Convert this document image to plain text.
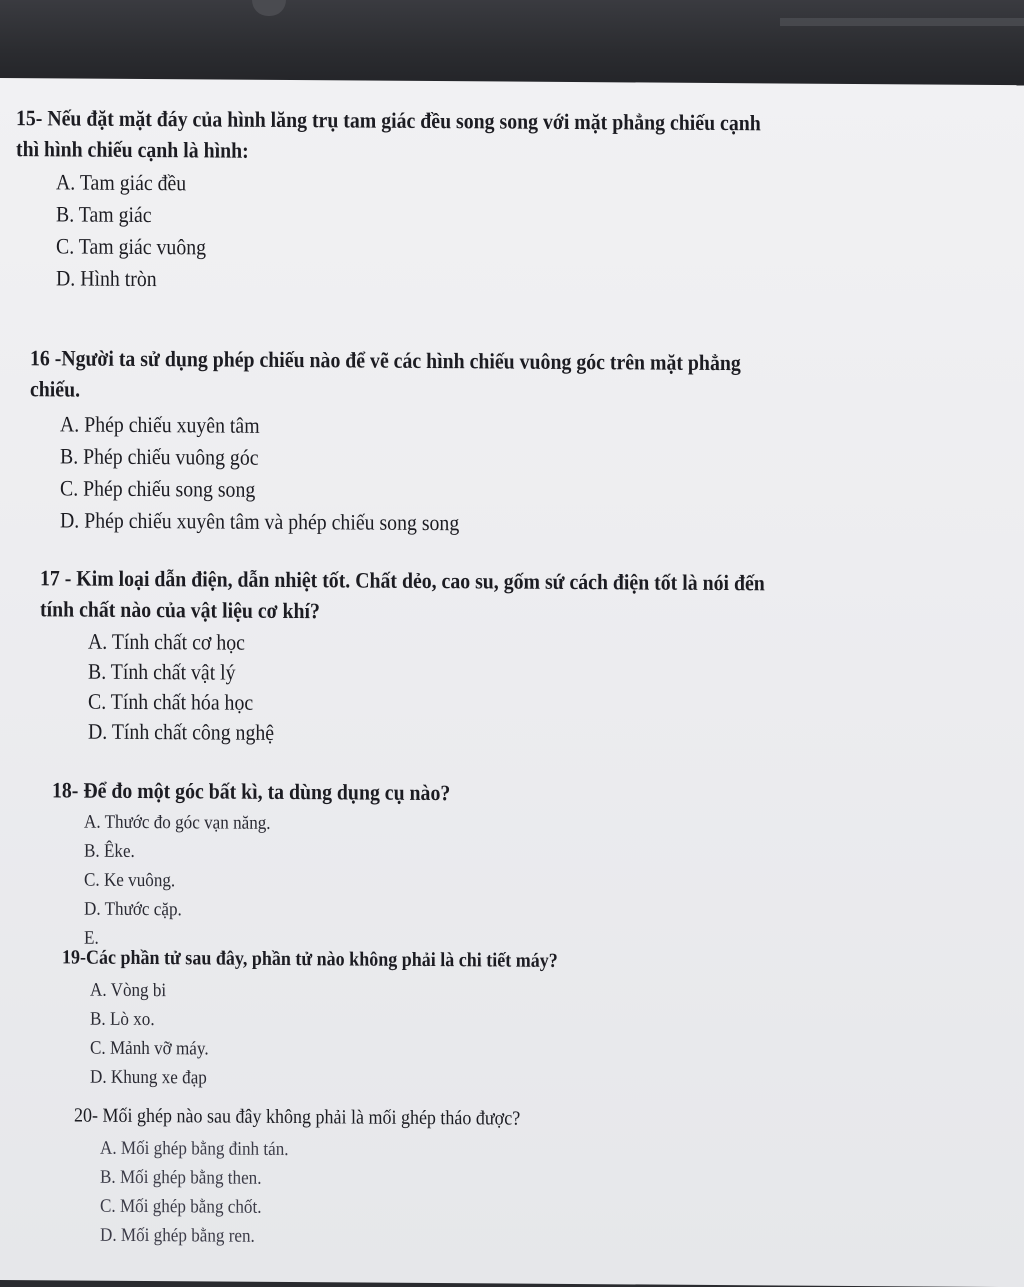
15- Nếu đặt mặt đáy của hình lăng trụ tam giác đều song song với mặt phẳng chiếu cạnh

thì hình chiếu cạnh là hình:

A. Tam giác đều
B. Tam giác
C. Tam giác vuông
D. Hình tròn

16 -Người ta sử dụng phép chiếu nào để vẽ các hình chiếu vuông góc trên mặt phẳng

chiếu.

A. Phép chiếu xuyên tâm
B. Phép chiếu vuông góc
C. Phép chiếu song song
D. Phép chiếu xuyên tâm và phép chiếu song song

17 - Kim loại dẫn điện, dẫn nhiệt tốt. Chất dẻo, cao su, gốm sứ cách điện tốt là nói đến

tính chất nào của vật liệu cơ khí?

A. Tính chất cơ học
B. Tính chất vật lý
C. Tính chất hóa học
D. Tính chất công nghệ

18- Để đo một góc bất kì, ta dùng dụng cụ nào?

A. Thước đo góc vạn năng.
B. Êke.
C. Ke vuông.
D. Thước cặp.
E.

19-Các phần tử sau đây, phần tử nào không phải là chi tiết máy?

A. Vòng bi
B. Lò xo.
C. Mảnh vỡ máy.
D. Khung xe đạp

20- Mối ghép nào sau đây không phải là mối ghép tháo được?

A. Mối ghép bằng đinh tán.
B. Mối ghép bằng then.
C. Mối ghép bằng chốt.
D. Mối ghép bằng ren.
